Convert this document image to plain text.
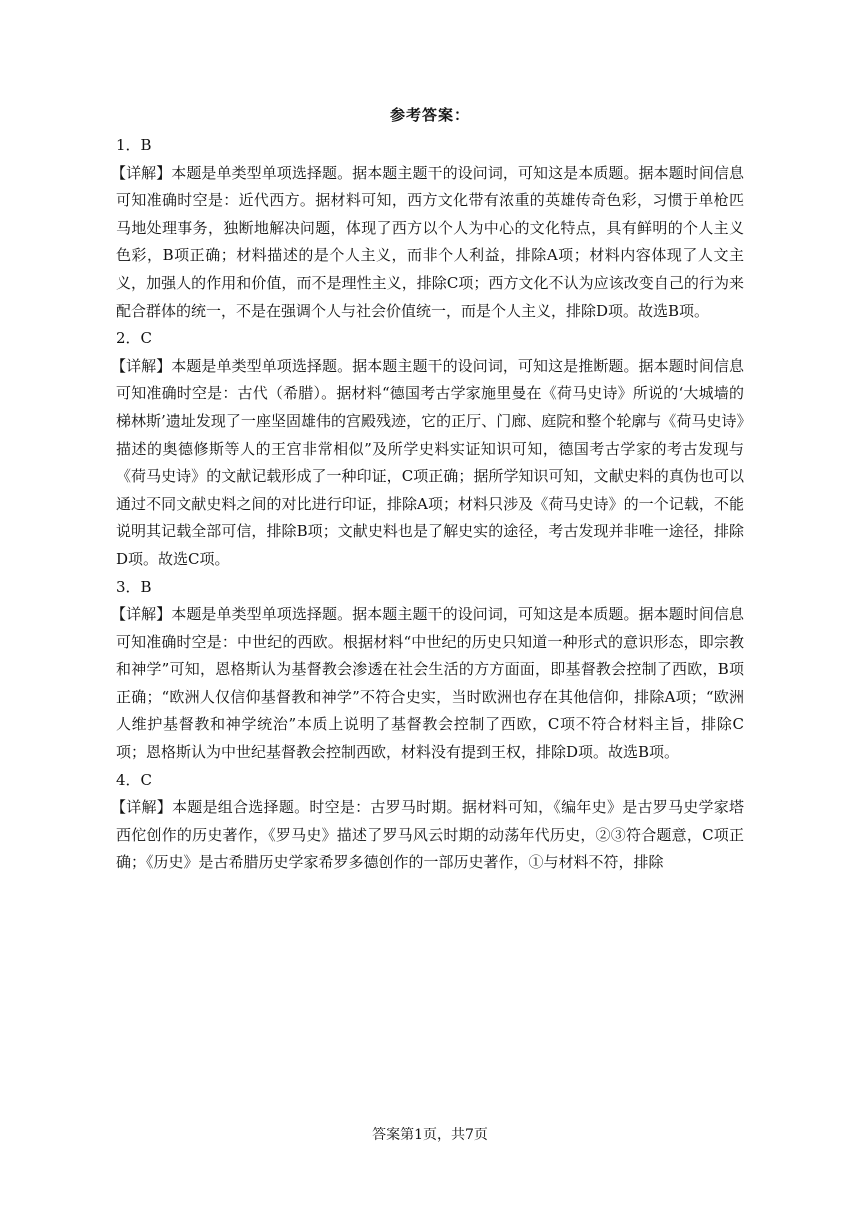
参考答案：

1．B

【详解】本题是单类型单项选择题。据本题主题干的设问词，可知这是本质题。据本题时间信息可知准确时空是：近代西方。据材料可知，西方文化带有浓重的英雄传奇色彩，习惯于单枪匹马地处理事务，独断地解决问题，体现了西方以个人为中心的文化特点，具有鲜明的个人主义色彩，B项正确；材料描述的是个人主义，而非个人利益，排除A项；材料内容体现了人文主义，加强人的作用和价值，而不是理性主义，排除C项；西方文化不认为应该改变自己的行为来配合群体的统一，不是在强调个人与社会价值统一，而是个人主义，排除D项。故选B项。

2．C

【详解】本题是单类型单项选择题。据本题主题干的设问词，可知这是推断题。据本题时间信息可知准确时空是：古代（希腊）。据材料“德国考古学家施里曼在《荷马史诗》所说的‘大城墙的梯林斯’遗址发现了一座坚固雄伟的宫殿残迹，它的正厅、门廊、庭院和整个轮廓与《荷马史诗》描述的奥德修斯等人的王宫非常相似”及所学史料实证知识可知，德国考古学家的考古发现与《荷马史诗》的文献记载形成了一种印证，C项正确；据所学知识可知，文献史料的真伪也可以通过不同文献史料之间的对比进行印证，排除A项；材料只涉及《荷马史诗》的一个记载，不能说明其记载全部可信，排除B项；文献史料也是了解史实的途径，考古发现并非唯一途径，排除D项。故选C项。

3．B

【详解】本题是单类型单项选择题。据本题主题干的设问词，可知这是本质题。据本题时间信息可知准确时空是：中世纪的西欧。根据材料“中世纪的历史只知道一种形式的意识形态，即宗教和神学”可知，恩格斯认为基督教会渗透在社会生活的方方面面，即基督教会控制了西欧，B项正确；“欧洲人仅信仰基督教和神学”不符合史实，当时欧洲也存在其他信仰，排除A项；“欧洲人维护基督教和神学统治”本质上说明了基督教会控制了西欧，C项不符合材料主旨，排除C项；恩格斯认为中世纪基督教会控制西欧，材料没有提到王权，排除D项。故选B项。

4．C

【详解】本题是组合选择题。时空是：古罗马时期。据材料可知，《编年史》是古罗马史学家塔西佗创作的历史著作，《罗马史》描述了罗马风云时期的动荡年代历史，②③符合题意，C项正确；《历史》是古希腊历史学家希罗多德创作的一部历史著作，①与材料不符，排除

答案第1页，共7页
